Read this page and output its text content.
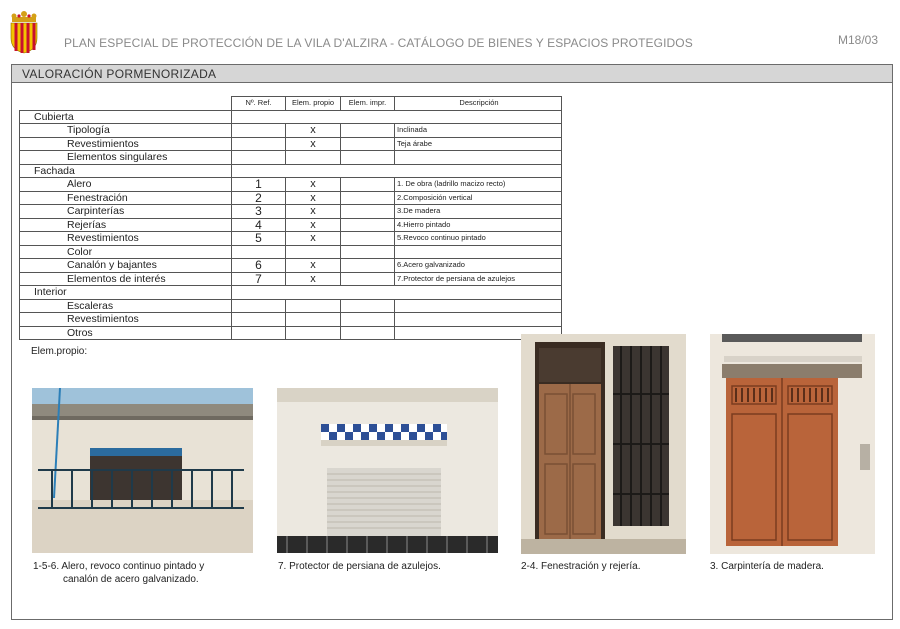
PLAN ESPECIAL DE PROTECCIÓN DE LA VILA D'ALZIRA - CATÁLOGO DE BIENES Y ESPACIOS PROTEGIDOS	M18/03
VALORACIÓN PORMENORIZADA
	Nº. Ref.	Elem. propio	Elem. impr.	Descripción
Cubierta				
Tipología		x		Inclinada
Revestimientos		x		Teja árabe
Elementos singulares				
Fachada				
Alero	1	x		1. De obra (ladrillo macizo recto)
Fenestración	2	x		2.Composición vertical
Carpinterías	3	x		3.De madera
Rejerías	4	x		4.Hierro pintado
Revestimientos	5	x		5.Revoco continuo pintado
Color				
Canalón y bajantes	6	x		6.Acero galvanizado
Elementos de interés	7	x		7.Protector de persiana de azulejos
Interior				
Escaleras				
Revestimientos				
Otros				
Elem.propio:
1-5-6. Alero, revoco continuo pintado y
canalón de acero galvanizado.
7. Protector de persiana de azulejos.	2-4. Fenestración y rejería.	3. Carpintería de madera.
